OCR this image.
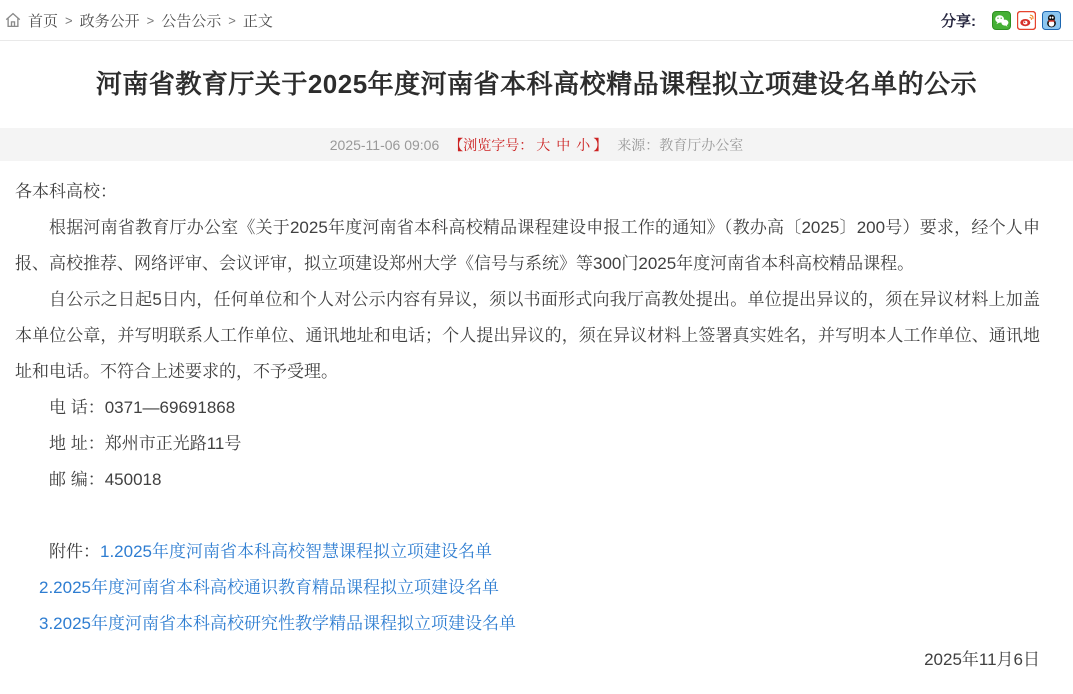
首页 > 政务公开 > 公告公示 > 正文	分享:
河南省教育厅关于2025年度河南省本科高校精品课程拟立项建设名单的公示
2025-11-06 09:06 【浏览字号： 大 中 小 】 来源：教育厅办公室
各本科高校：

根据河南省教育厅办公室《关于2025年度河南省本科高校精品课程建设申报工作的通知》（教办高〔2025〕200号）要求，经个人申报、高校推荐、网络评审、会议评审，拟立项建设郑州大学《信号与系统》等300门2025年度河南省本科高校精品课程。

自公示之日起5日内，任何单位和个人对公示内容有异议，须以书面形式向我厅高教处提出。单位提出异议的，须在异议材料上加盖本单位公章，并写明联系人工作单位、通讯地址和电话；个人提出异议的，须在异议材料上签署真实姓名，并写明本人工作单位、通讯地址和电话。不符合上述要求的，不予受理。

电 话：0371—69691868
地 址：郑州市正光路11号
邮 编：450018
附件：1.2025年度河南省本科高校智慧课程拟立项建设名单
2.2025年度河南省本科高校通识教育精品课程拟立项建设名单
3.2025年度河南省本科高校研究性教学精品课程拟立项建设名单
2025年11月6日
